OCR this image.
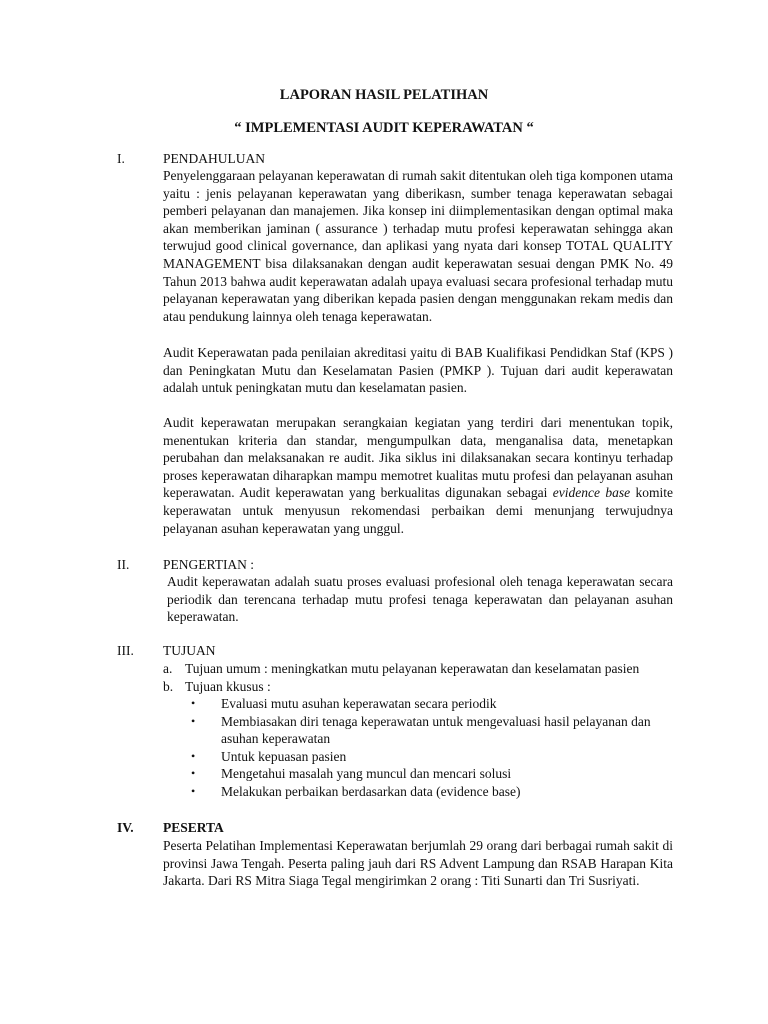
LAPORAN HASIL PELATIHAN
“ IMPLEMENTASI AUDIT KEPERAWATAN “
I.	PENDAHULUAN

Penyelenggaraan pelayanan keperawatan di rumah sakit ditentukan oleh tiga komponen utama yaitu : jenis pelayanan keperawatan yang diberikasn, sumber tenaga keperawatan sebagai pemberi pelayanan dan manajemen. Jika konsep ini diimplementasikan dengan optimal maka akan memberikan jaminan ( assurance ) terhadap mutu profesi keperawatan sehingga akan terwujud good clinical governance, dan aplikasi yang nyata dari konsep TOTAL QUALITY MANAGEMENT bisa dilaksanakan dengan audit keperawatan sesuai dengan PMK No. 49 Tahun 2013 bahwa audit keperawatan adalah upaya evaluasi secara profesional terhadap mutu pelayanan keperawatan yang diberikan kepada pasien dengan menggunakan rekam medis dan atau pendukung lainnya oleh tenaga keperawatan.

Audit Keperawatan pada penilaian akreditasi yaitu di BAB Kualifikasi Pendidkan Staf (KPS ) dan Peningkatan Mutu dan Keselamatan Pasien (PMKP ). Tujuan dari audit keperawatan adalah untuk peningkatan mutu dan keselamatan pasien.

Audit keperawatan merupakan serangkaian kegiatan yang terdiri dari menentukan topik, menentukan kriteria dan standar, mengumpulkan data, menganalisa data, menetapkan perubahan dan melaksanakan re audit. Jika siklus ini dilaksanakan secara kontinyu terhadap proses keperawatan diharapkan mampu memotret kualitas mutu profesi dan pelayanan asuhan keperawatan. Audit keperawatan yang berkualitas digunakan sebagai evidence base komite keperawatan untuk menyusun rekomendasi perbaikan demi menunjang terwujudnya pelayanan asuhan keperawatan yang unggul.

II. PENGERTIAN :

Audit keperawatan adalah suatu proses evaluasi profesional oleh tenaga keperawatan secara periodik dan terencana terhadap mutu profesi tenaga keperawatan dan pelayanan asuhan keperawatan.

III. TUJUAN
a. Tujuan umum : meningkatkan mutu pelayanan keperawatan dan keselamatan pasien
b. Tujuan kkusus :
• Evaluasi mutu asuhan keperawatan secara periodik
• Membiasakan diri tenaga keperawatan untuk mengevaluasi hasil pelayanan dan asuhan keperawatan
• Untuk kepuasan pasien
• Mengetahui masalah yang muncul dan mencari solusi
• Melakukan perbaikan berdasarkan data (evidence base)
IV. PESERTA

Peserta Pelatihan Implementasi Keperawatan berjumlah 29 orang dari berbagai rumah sakit di provinsi Jawa Tengah. Peserta paling jauh dari RS Advent Lampung dan RSAB Harapan Kita Jakarta. Dari RS Mitra Siaga Tegal mengirimkan 2 orang : Titi Sunarti dan Tri Susriyati.
